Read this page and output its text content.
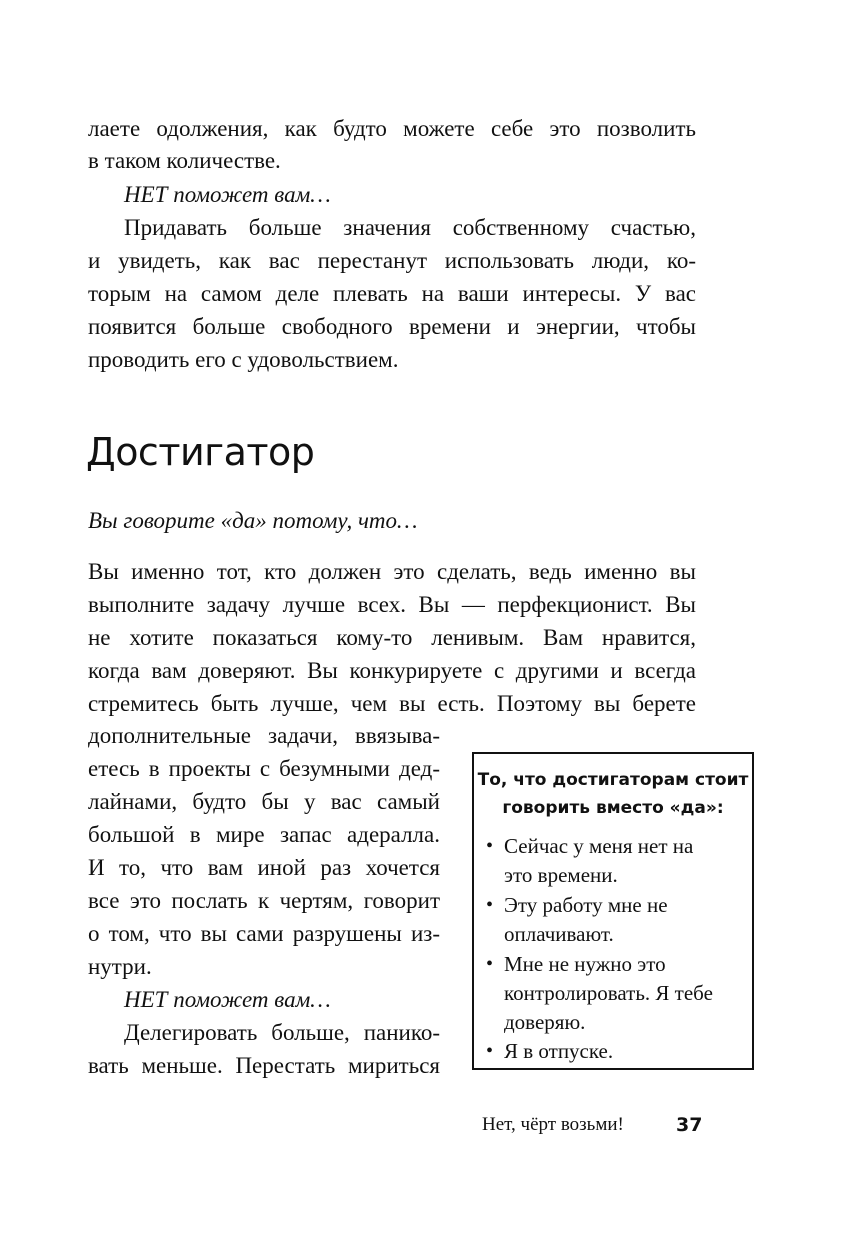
лаете одолжения, как будто можете себе это позволить
в таком количестве.
НЕТ поможет вам…
Придавать больше значения собственному счастью,
и увидеть, как вас перестанут использовать люди, ко-
торым на самом деле плевать на ваши интересы. У вас
появится больше свободного времени и энергии, чтобы
проводить его с удовольствием.
Достигатор
Вы говорите «да» потому, что…
Вы именно тот, кто должен это сделать, ведь именно вы
выполните задачу лучше всех. Вы — перфекционист. Вы
не хотите показаться кому-то ленивым. Вам нравится,
когда вам доверяют. Вы конкурируете с другими и всегда
стремитесь быть лучше, чем вы есть. Поэтому вы берете
дополнительные задачи, ввязыва-
етесь в проекты с безумными дед-
лайнами, будто бы у вас самый
большой в мире запас адералла.
И то, что вам иной раз хочется
все это послать к чертям, говорит
о том, что вы сами разрушены из-
нутри.
НЕТ поможет вам…
Делегировать больше, панико-
вать меньше. Перестать мириться
То, что достигаторам стоит
говорить вместо «да»:
• Сейчас у меня нет на
это времени.
• Эту работу мне не
оплачивают.
• Мне не нужно это
контролировать. Я тебе
доверяю.
• Я в отпуске.
Нет, чёрт возьми!	37
